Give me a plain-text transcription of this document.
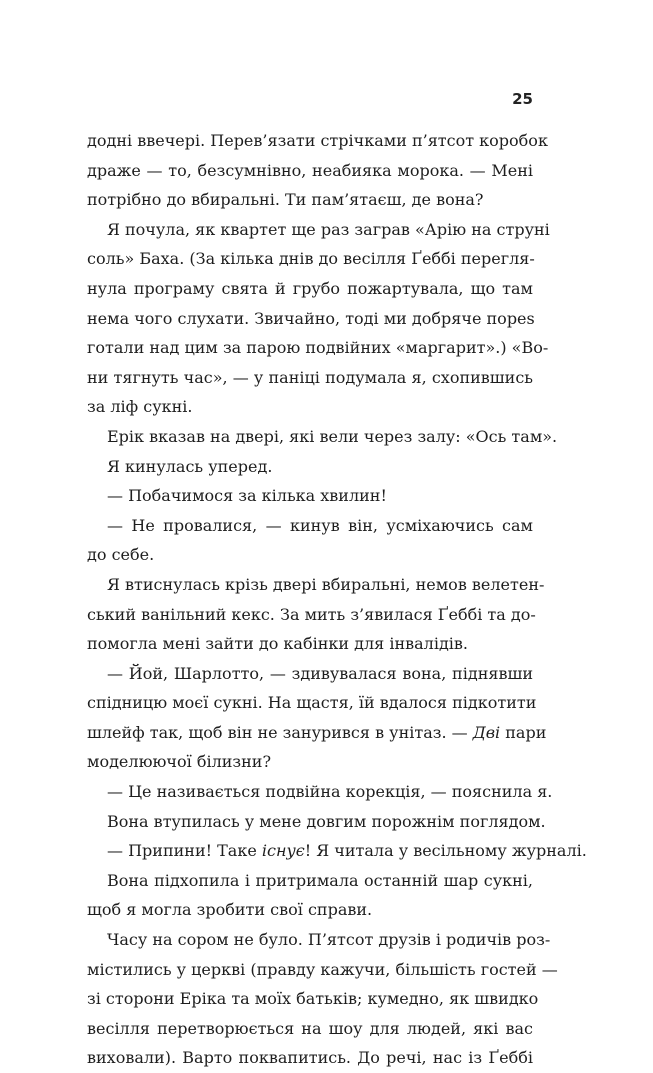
25
додні ввечері. Перев’язати стрічками п’ятсот коробок
драже — то, безсумнівно, неабияка морока. — Мені
потрібно до вбиральні. Ти пам’ятаєш, де вона?
Я почула, як квартет ще раз заграв «Арію на струні
соль» Баха. (За кілька днів до весілля Ґеббі перегля-
нула програму свята й грубо пожартувала, що там
нема чого слухати. Звичайно, тоді ми добряче пореs
готали над цим за парою подвійних «маргарит».) «Во-
ни тягнуть час», — у паніці подумала я, схопившись
за ліф сукні.
Ерік вказав на двері, які вели через залу: «Ось там».
Я кинулась уперед.
— Побачимося за кілька хвилин!
— Не провалися, — кинув він, усміхаючись сам
до себе.
Я втиснулась крізь двері вбиральні, немов велетен-
ський ванільний кекс. За мить з’явилася Ґеббі та до-
помогла мені зайти до кабінки для інвалідів.
— Йой, Шарлотто, — здивувалася вона, піднявши
спідницю моєї сукні. На щастя, їй вдалося підкотити
шлейф так, щоб він не занурився в унітаз. — Дві пари
моделюючої білизни?
— Це називається подвійна корекція, — пояснила я.
Вона втупилась у мене довгим порожнім поглядом.
— Припини! Таке існує! Я читала у весільному журналі.
Вона підхопила і притримала останній шар сукні,
щоб я могла зробити свої справи.
Часу на сором не було. П’ятсот друзів і родичів роз-
містились у церкві (правду кажучи, більшість гостей —
зі сторони Еріка та моїх батьків; кумедно, як швидко
весілля перетворюється на шоу для людей, які вас
виховали). Варто поквапитись. До речі, нас із Ґеббі
